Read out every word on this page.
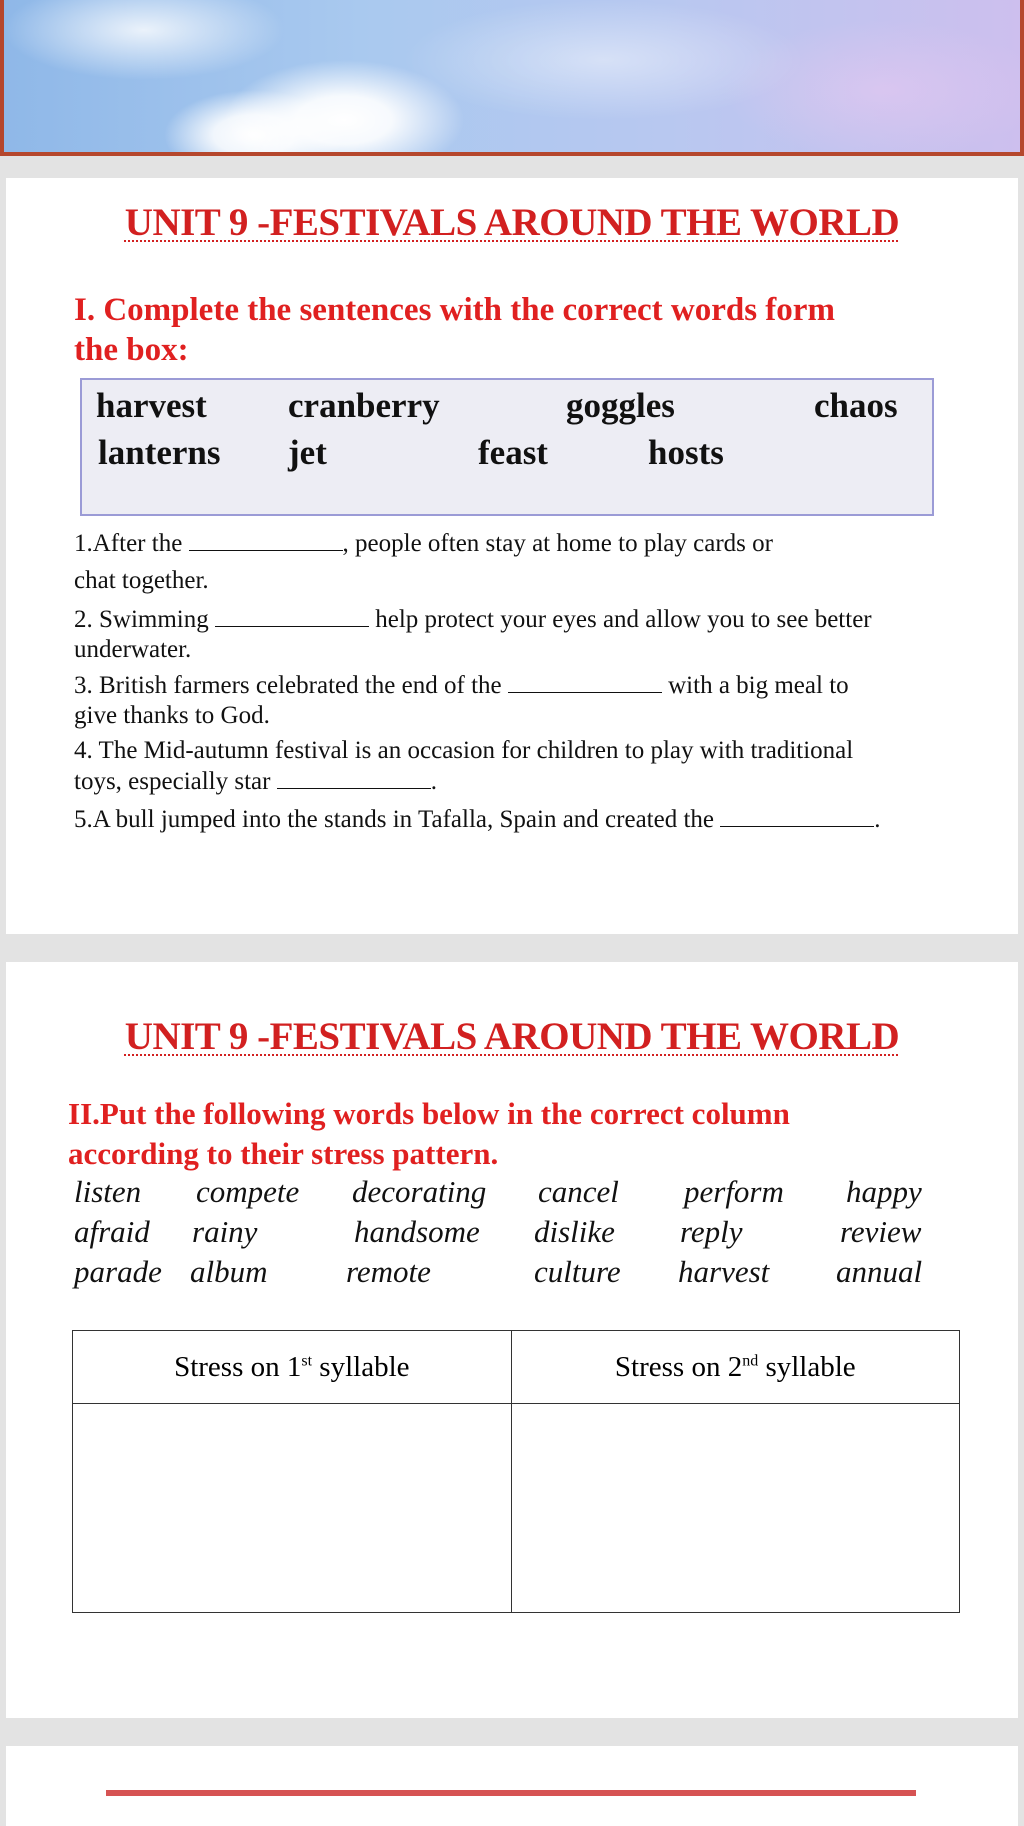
UNIT 9 -FESTIVALS AROUND THE WORLD
I. Complete the sentences with the correct words form
the box:
harvest cranberry	goggles	chaos
lanterns jet	feast	hosts
1.After the	, people often stay at home to play cards or
chat together.
2. Swimming	help protect your eyes and allow you to see better
underwater.
3. British farmers celebrated the end of the	with a big meal to
give thanks to God.
4. The Mid-autumn festival is an occasion for children to play with traditional
toys, especially star	.
5.A bull jumped into the stands in Tafalla, Spain and created the	.
UNIT 9 -FESTIVALS AROUND THE WORLD
II.Put the following words below in the correct column
according to their stress pattern.
listen compete decorating cancel perform happy
afraid rainy	handsome dislike reply	review
parade album	remote	culture harvest annual
Stress on 1st syllable	Stress on 2nd syllable
